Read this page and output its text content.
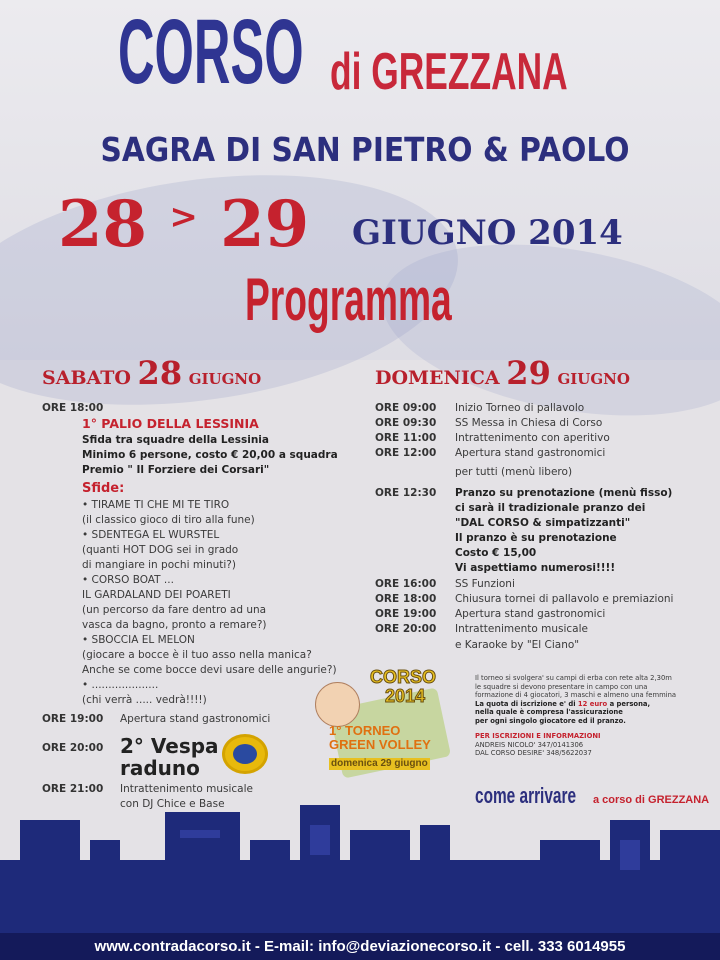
CORSO di GREZZANA
SAGRA DI SAN PIETRO & PAOLO
28 > 29 GIUGNO 2014
Programma
SABATO 28 GIUGNO
ORE 18:00
1° PALIO DELLA LESSINIA
Sfida tra squadre della Lessinia
Minimo 6 persone, costo € 20,00 a squadra
Premio " Il Forziere dei Corsari"
Sfide:
• TIRAME TI CHE MI TE TIRO
(il classico gioco di tiro alla fune)
• SDENTEGA EL WURSTEL
(quanti HOT DOG sei in grado
di mangiare in pochi minuti?)
• CORSO BOAT ...
IL GARDALAND DEI POARETI
(un percorso da fare dentro ad una
vasca da bagno, pronto a remare?)
• SBOCCIA EL MELON
(giocare a bocce è il tuo asso nella manica?
Anche se come bocce devi usare delle angurie?)
• ....................
(chi verrà ..... vedrà!!!!)
ORE 19:00 Apertura stand gastronomici
ORE 20:00 2° Vespa
raduno
ORE 21:00 Intrattenimento musicale
con DJ Chice e Base
DOMENICA 29 GIUGNO
ORE 09:00	Inizio Torneo di pallavolo
ORE 09:30	SS Messa in Chiesa di Corso
ORE 11:00	Intrattenimento con aperitivo
ORE 12:00	Apertura stand gastronomici
per tutti (menù libero)
ORE 12:30 Pranzo su prenotazione (menù fisso)
ci sarà il tradizionale pranzo dei
"DAL CORSO & simpatizzanti"
Il pranzo è su prenotazione
Costo € 15,00
Vi aspettiamo numerosi!!!!
ORE 16:00	SS Funzioni
ORE 18:00	Chiusura tornei di pallavolo e premiazioni
ORE 19:00	Apertura stand gastronomici
ORE 20:00	Intrattenimento musicale
e Karaoke by "El Ciano"
CORSO
2014
1° TORNEO
GREEN VOLLEY
domenica 29 giugno
Il torneo si svolgera' su campi di erba con rete alta 2,30m
le squadre si devono presentare in campo con una
formazione di 4 giocatori, 3 maschi e almeno una femmina
La quota di iscrizione e' di 12 euro a persona,
nella quale è compresa l'assicurazione
per ogni singolo giocatore ed il pranzo.
PER ISCRIZIONI E INFORMAZIONI
ANDREIS NICOLO' 347/0141306
DAL CORSO DESIRE' 348/5622037
come arrivare	a corso di GREZZANA
www.contradacorso.it - E-mail: info@deviazionecorso.it - cell. 333 6014955
